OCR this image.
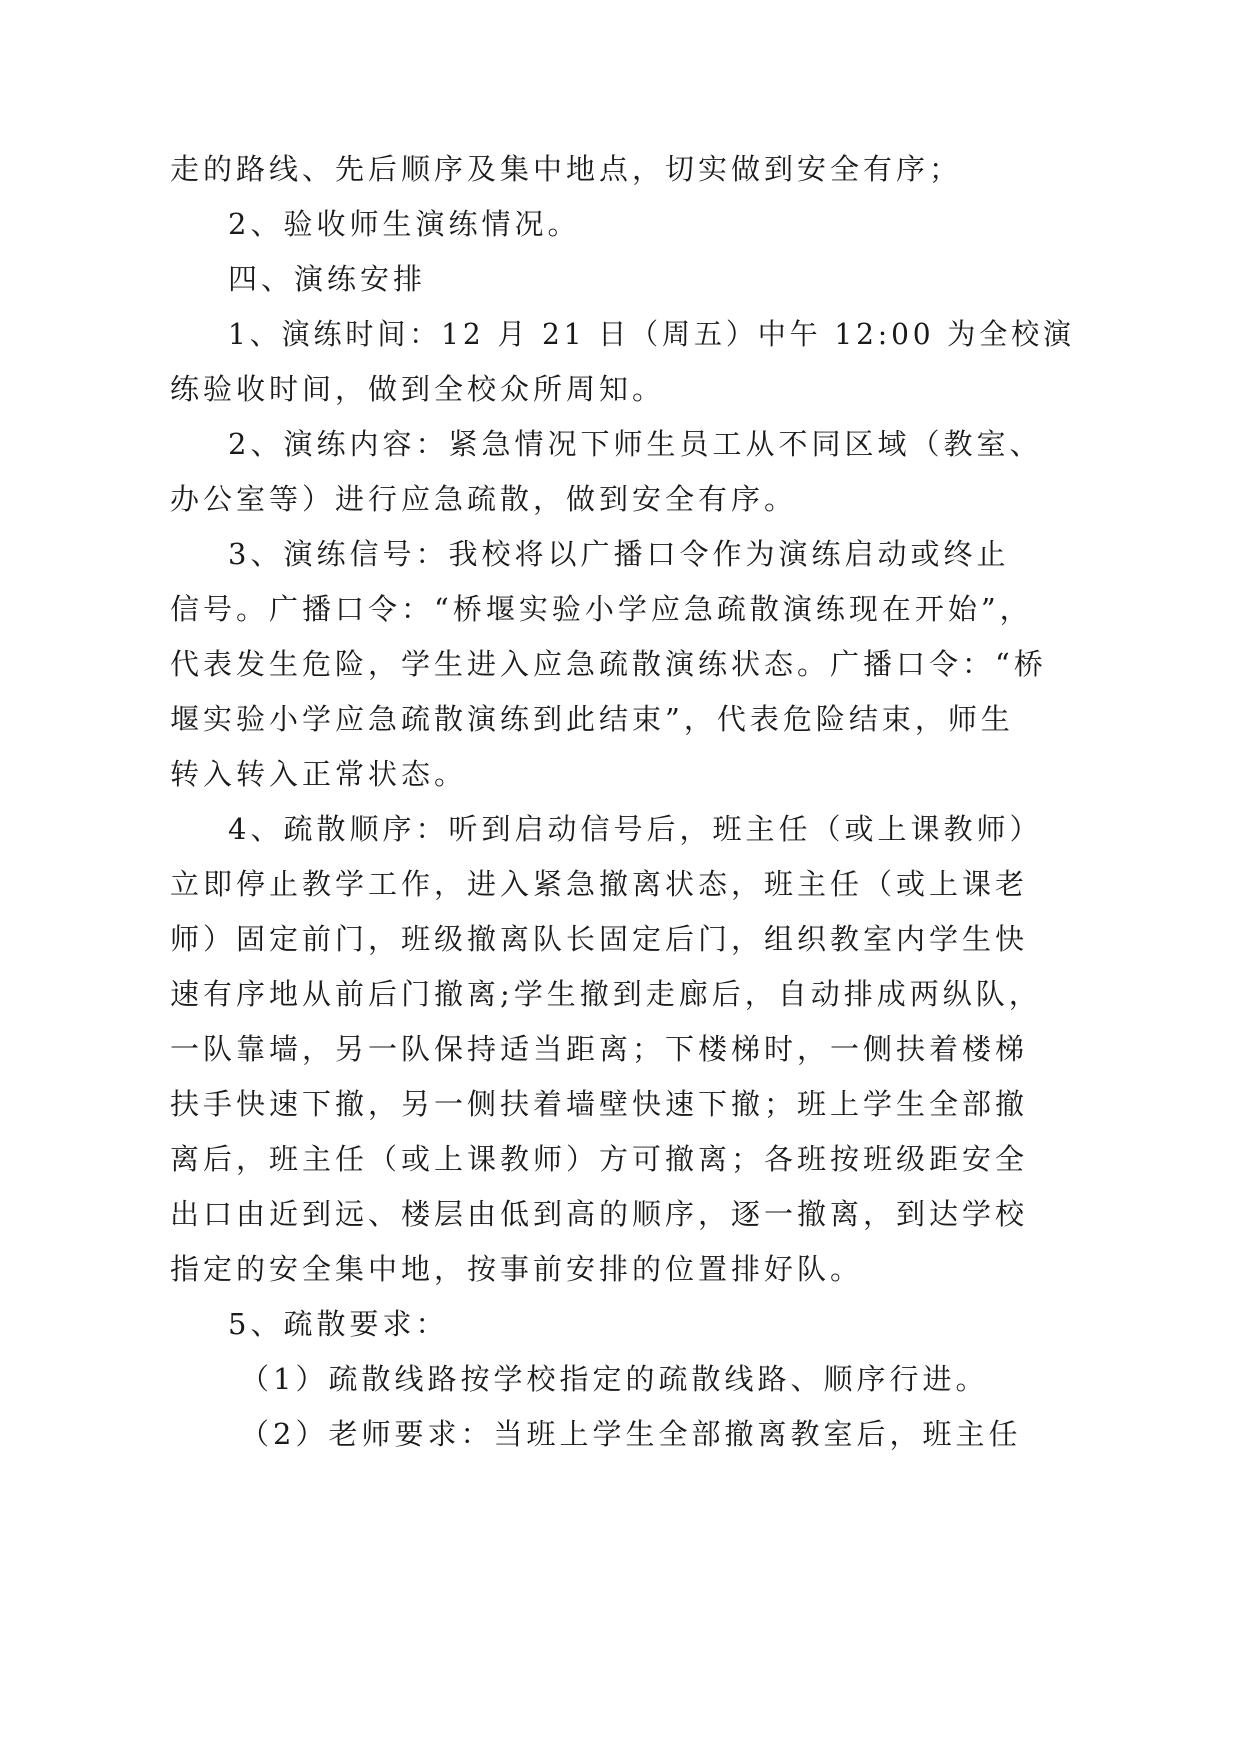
走的路线、先后顺序及集中地点，切实做到安全有序；
2、验收师生演练情况。
四、演练安排
1、演练时间：12 月 21 日（周五）中午 12:00 为全校演
练验收时间，做到全校众所周知。
2、演练内容：紧急情况下师生员工从不同区域（教室、
办公室等）进行应急疏散，做到安全有序。
3、演练信号：我校将以广播口令作为演练启动或终止
信号。广播口令：“桥堰实验小学应急疏散演练现在开始”，
代表发生危险，学生进入应急疏散演练状态。广播口令：“桥
堰实验小学应急疏散演练到此结束”，代表危险结束，师生
转入转入正常状态。
4、疏散顺序：听到启动信号后，班主任（或上课教师）
立即停止教学工作，进入紧急撤离状态，班主任（或上课老
师）固定前门，班级撤离队长固定后门，组织教室内学生快
速有序地从前后门撤离;学生撤到走廊后，自动排成两纵队，
一队靠墙，另一队保持适当距离；下楼梯时，一侧扶着楼梯
扶手快速下撤，另一侧扶着墙壁快速下撤；班上学生全部撤
离后，班主任（或上课教师）方可撤离；各班按班级距安全
出口由近到远、楼层由低到高的顺序，逐一撤离，到达学校
指定的安全集中地，按事前安排的位置排好队。
5、疏散要求：
（1）疏散线路按学校指定的疏散线路、顺序行进。
（2）老师要求：当班上学生全部撤离教室后，班主任
